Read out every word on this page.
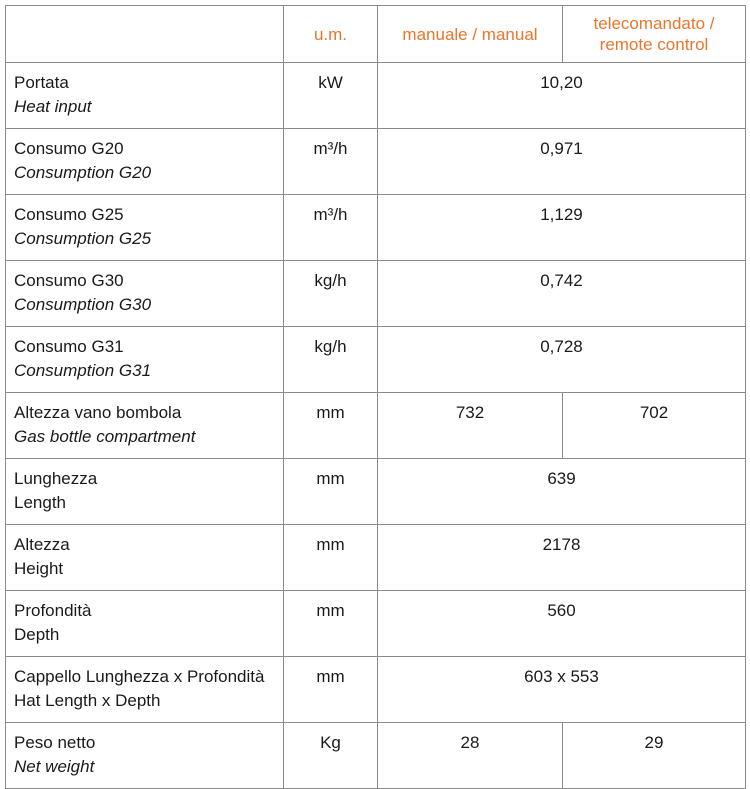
	u.m.	manuale / manual	telecomandato /
remote control

Portata
Heat input	kW	10,20	

Consumo G20
Consumption G20	m³/h	0,971	

Consumo G25
Consumption G25	m³/h	1,129	

Consumo G30
Consumption G30	kg/h	0,742	

Consumo G31
Consumption G31	kg/h	0,728	

Altezza vano bombola
Gas bottle compartment	mm	732	702

Lunghezza
Length	mm	639	

Altezza
Height	mm	2178	

Profondità
Depth	mm	560	

Cappello Lunghezza x Profondità
Hat Length x Depth	mm	603 x 553	

Peso netto
Net weight	Kg	28	29
